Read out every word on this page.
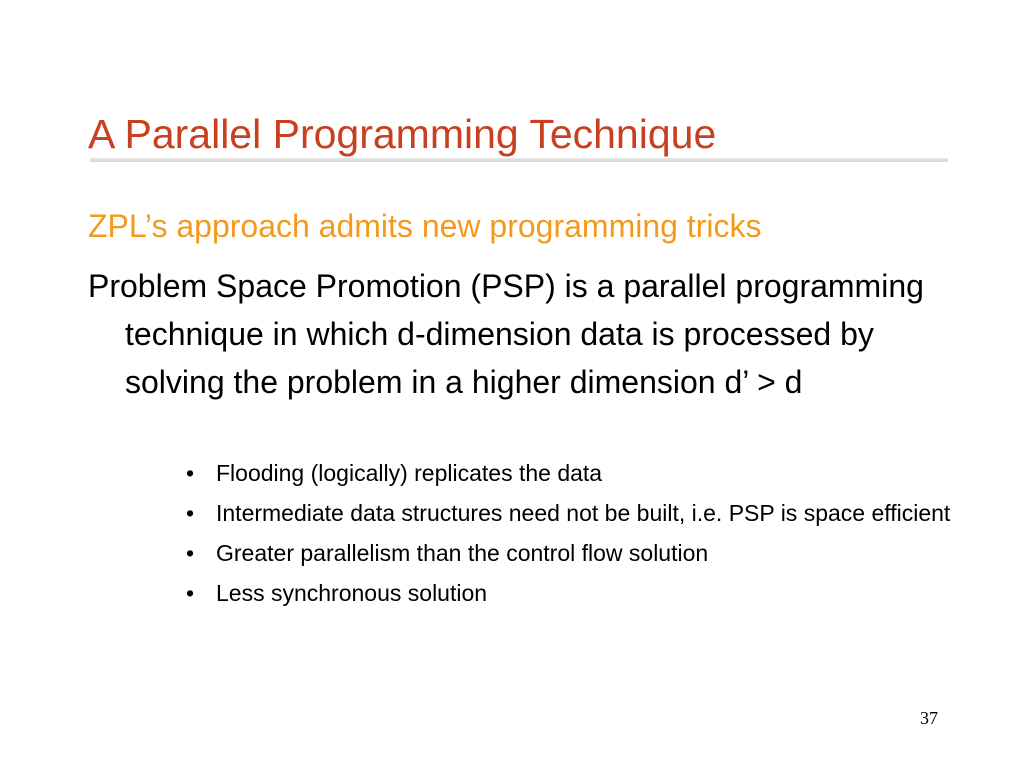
A Parallel Programming Technique
ZPL’s approach admits new programming tricks
Problem Space Promotion (PSP) is a parallel programming technique in which d-dimension data is processed by solving the problem in a higher dimension d’ > d
• Flooding (logically) replicates the data
• Intermediate data structures need not be built, i.e. PSP is space efficient
• Greater parallelism than the control flow solution
• Less synchronous solution
37
